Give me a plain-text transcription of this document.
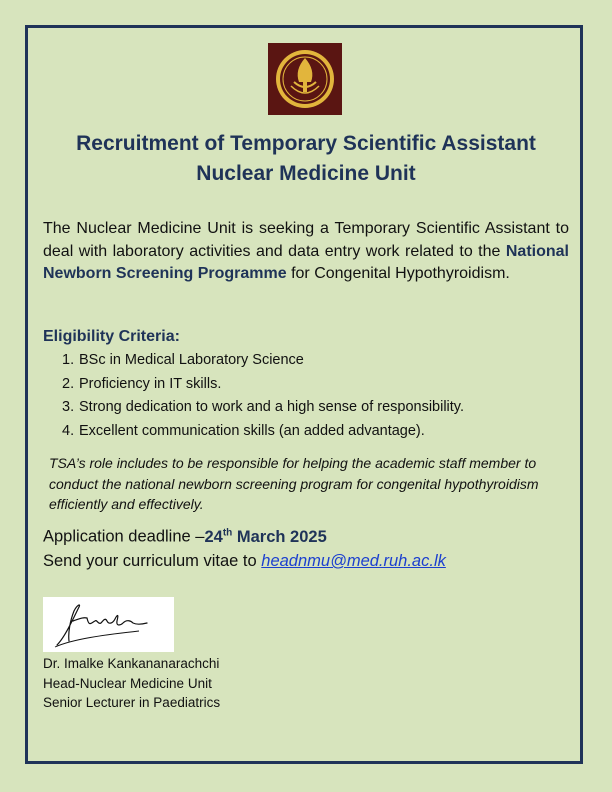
Recruitment of Temporary Scientific Assistant
Nuclear Medicine Unit
The Nuclear Medicine Unit is seeking a Temporary Scientific Assistant to deal with laboratory activities and data entry work related to the National Newborn Screening Programme for Congenital Hypothyroidism.
Eligibility Criteria:
1. BSc in Medical Laboratory Science
2. Proficiency in IT skills.
3. Strong dedication to work and a high sense of responsibility.
4. Excellent communication skills (an added advantage).
TSA’s role includes to be responsible for helping the academic staff member to conduct the national newborn screening program for congenital hypothyroidism efficiently and effectively.
Application deadline –24th March 2025
Send your curriculum vitae to headnmu@med.ruh.ac.lk
Dr. Imalke Kankananarachchi
Head-Nuclear Medicine Unit
Senior Lecturer in Paediatrics
